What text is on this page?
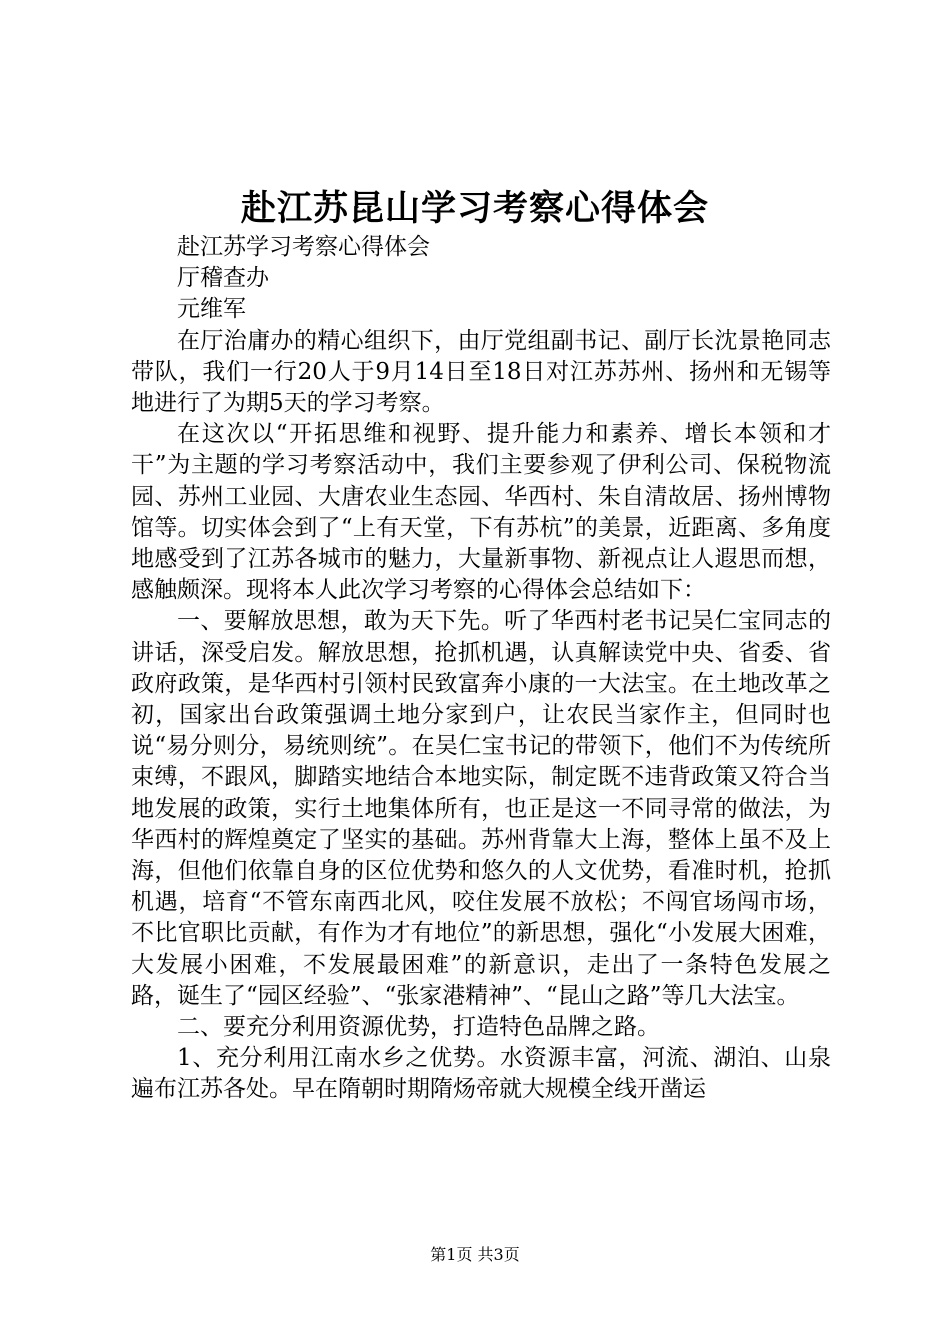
赴江苏昆山学习考察心得体会

赴江苏学习考察心得体会

厅稽查办

元维军

在厅治庸办的精心组织下，由厅党组副书记、副厅长沈景艳同志带队，我们一行20人于9月14日至18日对江苏苏州、扬州和无锡等地进行了为期5天的学习考察。

在这次以“开拓思维和视野、提升能力和素养、增长本领和才干”为主题的学习考察活动中，我们主要参观了伊利公司、保税物流园、苏州工业园、大唐农业生态园、华西村、朱自清故居、扬州博物馆等。切实体会到了“上有天堂，下有苏杭”的美景，近距离、多角度地感受到了江苏各城市的魅力，大量新事物、新视点让人遐思而想，感触颇深。现将本人此次学习考察的心得体会总结如下：

一、要解放思想，敢为天下先。听了华西村老书记吴仁宝同志的讲话，深受启发。解放思想，抢抓机遇，认真解读党中央、省委、省政府政策，是华西村引领村民致富奔小康的一大法宝。在土地改革之初，国家出台政策强调土地分家到户，让农民当家作主，但同时也说“易分则分，易统则统”。在吴仁宝书记的带领下，他们不为传统所束缚，不跟风，脚踏实地结合本地实际，制定既不违背政策又符合当地发展的政策，实行土地集体所有，也正是这一不同寻常的做法，为华西村的辉煌奠定了坚实的基础。苏州背靠大上海，整体上虽不及上海，但他们依靠自身的区位优势和悠久的人文优势，看准时机，抢抓机遇，培育“不管东南西北风，咬住发展不放松；不闯官场闯市场，不比官职比贡献，有作为才有地位”的新思想，强化“小发展大困难，大发展小困难，不发展最困难”的新意识，走出了一条特色发展之路，诞生了“园区经验”、“张家港精神”、“昆山之路”等几大法宝。

二、要充分利用资源优势，打造特色品牌之路。

1、充分利用江南水乡之优势。水资源丰富，河流、湖泊、山泉遍布江苏各处。早在隋朝时期隋炀帝就大规模全线开凿运

第1页 共3页
